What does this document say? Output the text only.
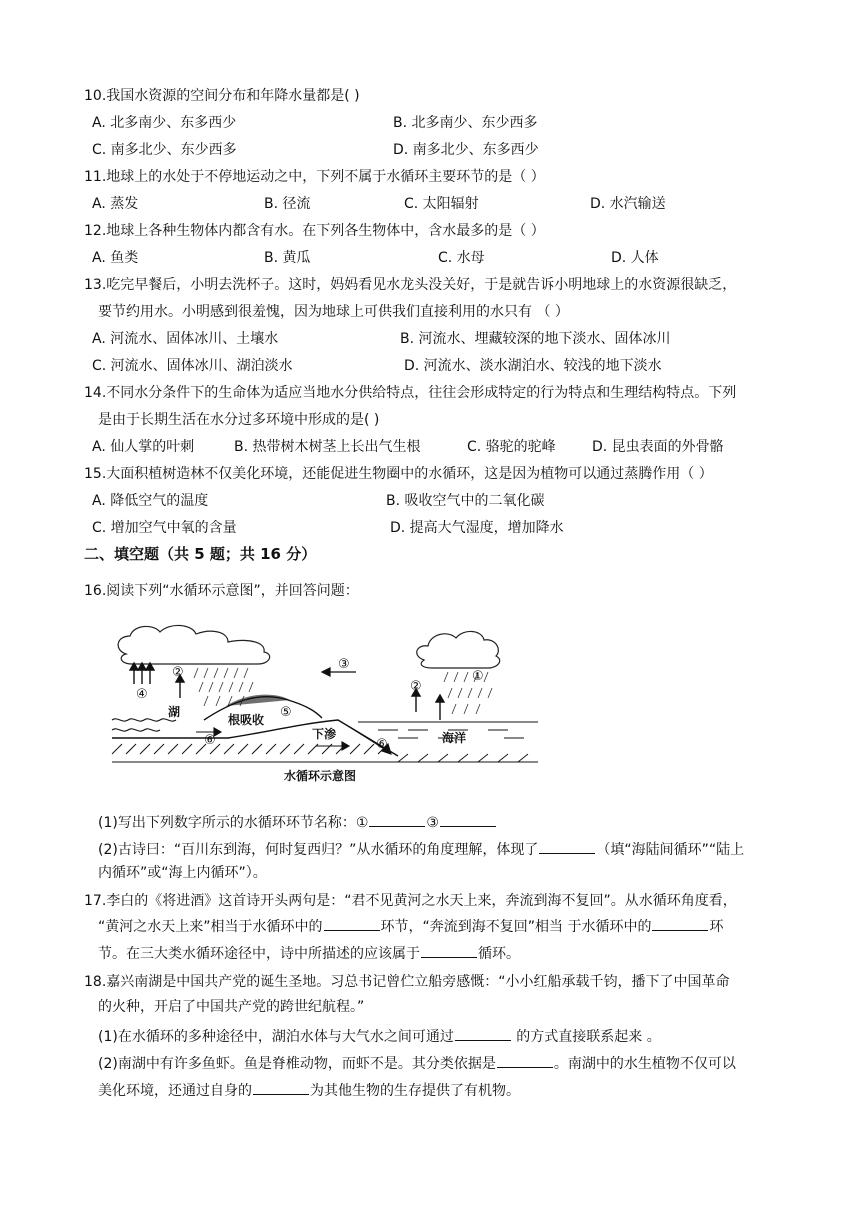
10.我国水资源的空间分布和年降水量都是( )
A. 北多南少、东多西少	B. 北多南少、东少西多
C. 南多北少、东少西多	D. 南多北少、东多西少
11.地球上的水处于不停地运动之中，下列不属于水循环主要环节的是（ ）
A. 蒸发	B. 径流	C. 太阳辐射	D. 水汽输送
12.地球上各种生物体内都含有水。在下列各生物体中，含水最多的是（ ）
A. 鱼类	B. 黄瓜	C. 水母	D. 人体
13.吃完早餐后，小明去洗杯子。这时，妈妈看见水龙头没关好，于是就告诉小明地球上的水资源很缺乏，
要节约用水。小明感到很羞愧，因为地球上可供我们直接利用的水只有 （ ）
A. 河流水、固体冰川、土壤水	B. 河流水、埋藏较深的地下淡水、固体冰川
C. 河流水、固体冰川、湖泊淡水	D. 河流水、淡水湖泊水、较浅的地下淡水
14.不同水分条件下的生命体为适应当地水分供给特点，往往会形成特定的行为特点和生理结构特点。下列
是由于长期生活在水分过多环境中形成的是( )
A. 仙人掌的叶刺	B. 热带树木树茎上长出气生根	C. 骆驼的驼峰	D. 昆虫表面的外骨骼
15.大面积植树造林不仅美化环境，还能促进生物圈中的水循环，这是因为植物可以通过蒸腾作用（ ）
A. 降低空气的温度	B. 吸收空气中的二氧化碳
C. 增加空气中氧的含量	D. 提高大气湿度，增加降水
二、填空题（共 5 题；共 16 分）
16.阅读下列“水循环示意图”，并回答问题：
湖
根吸收
下渗	海洋
水循环示意图
①
②
②
③
④
⑤
⑥	⑥
(1)写出下列数字所示的水循环环节名称：①	③
(2)古诗曰：“百川东到海，何时复西归？”从水循环的角度理解，体现了	（填“海陆间循环”“陆上
内循环”或“海上内循环”）。
17.李白的《将进酒》这首诗开头两句是：“君不见黄河之水天上来，奔流到海不复回”。从水循环角度看，
“黄河之水天上来”相当于水循环中的	环节，“奔流到海不复回”相当 于水循环中的	环
节。在三大类水循环途径中，诗中所描述的应该属于	循环。
18.嘉兴南湖是中国共产党的诞生圣地。习总书记曾伫立船旁感慨：“小小红船承载千钧，播下了中国革命
的火种，开启了中国共产党的跨世纪航程。”
(1)在水循环的多种途径中，湖泊水体与大气水之间可通过	的方式直接联系起来 。
(2)南湖中有许多鱼虾。鱼是脊椎动物，而虾不是。其分类依据是	。南湖中的水生植物不仅可以
美化环境，还通过自身的	为其他生物的生存提供了有机物。
